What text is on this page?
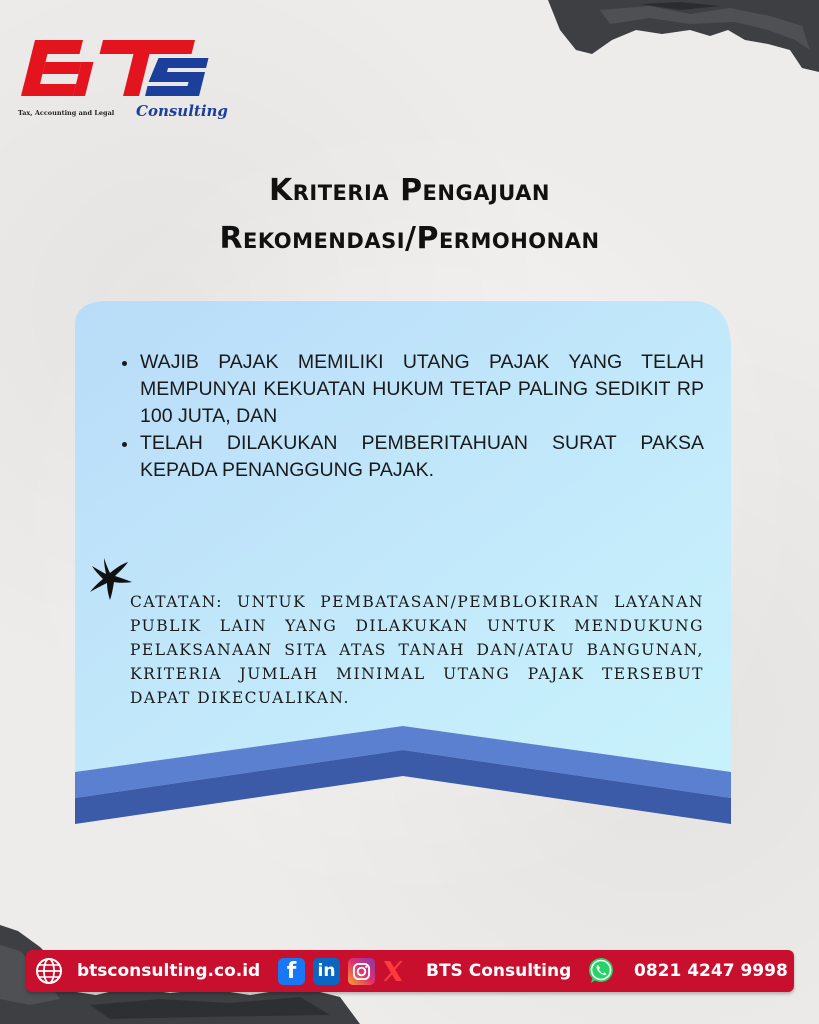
Consulting
Tax, Accounting and Legal
Kriteria Pengajuan
Rekomendasi/Permohonan
WAJIB PAJAK MEMILIKI UTANG PAJAK YANG TELAH MEMPUNYAI KEKUATAN HUKUM TETAP PALING SEDIKIT RP 100 JUTA, DAN
TELAH DILAKUKAN PEMBERITAHUAN SURAT PAKSA KEPADA PENANGGUNG PAJAK.
CATATAN: UNTUK PEMBATASAN/PEMBLOKIRAN LAYANAN PUBLIK LAIN YANG DILAKUKAN UNTUK MENDUKUNG PELAKSANAAN SITA ATAS TANAH DAN/ATAU BANGUNAN, KRITERIA JUMLAH MINIMAL UTANG PAJAK TERSEBUT DAPAT DIKECUALIKAN.
btsconsulting.co.id	f	in	BTS Consulting	0821 4247 9998
